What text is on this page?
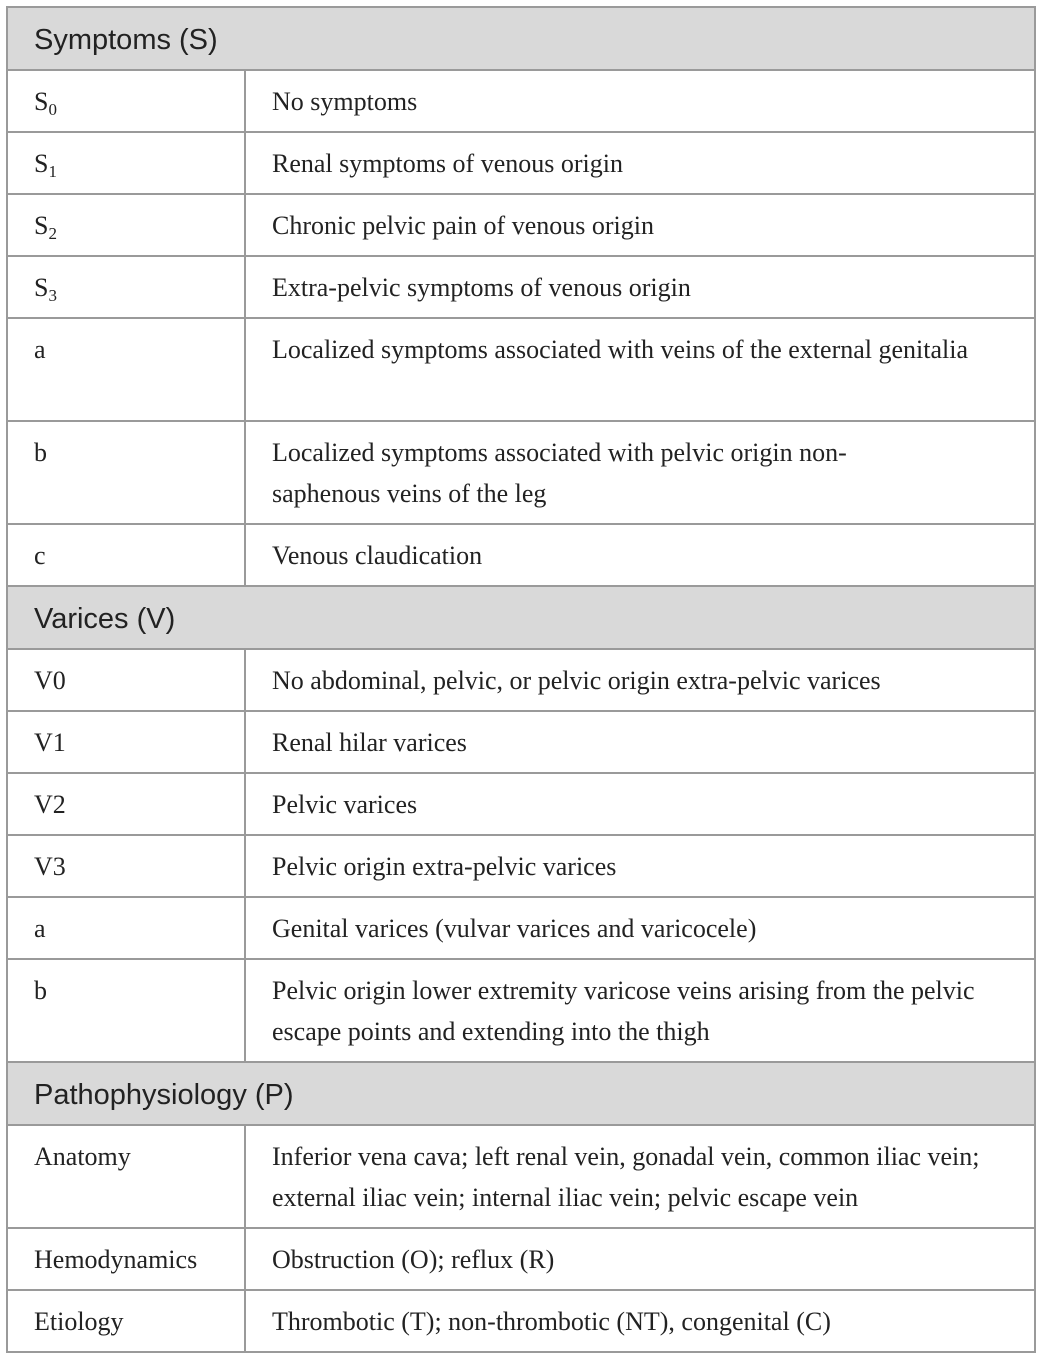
Symptoms (S)	
$S_0$	No symptoms
$S_1$	Renal symptoms of venous origin
$S_2$	Chronic pelvic pain of venous origin
$S_3$	Extra-pelvic symptoms of venous origin
a	Localized symptoms associated with veins of the external genitalia
b	Localized symptoms associated with pelvic origin non-saphenous veins of the leg
c	Venous claudication
Varices (V)	
V0	No abdominal, pelvic, or pelvic origin extra-pelvic varices
V1	Renal hilar varices
V2	Pelvic varices
V3	Pelvic origin extra-pelvic varices
a	Genital varices (vulvar varices and varicocele)
b	Pelvic origin lower extremity varicose veins arising from the pelvic escape points and extending into the thigh
Pathophysiology (P)	
Anatomy	Inferior vena cava; left renal vein, gonadal vein, common iliac vein; external iliac vein; internal iliac vein; pelvic escape vein
Hemodynamics	Obstruction (O); reflux (R)
Etiology	Thrombotic (T); non-thrombotic (NT), congenital (C)
